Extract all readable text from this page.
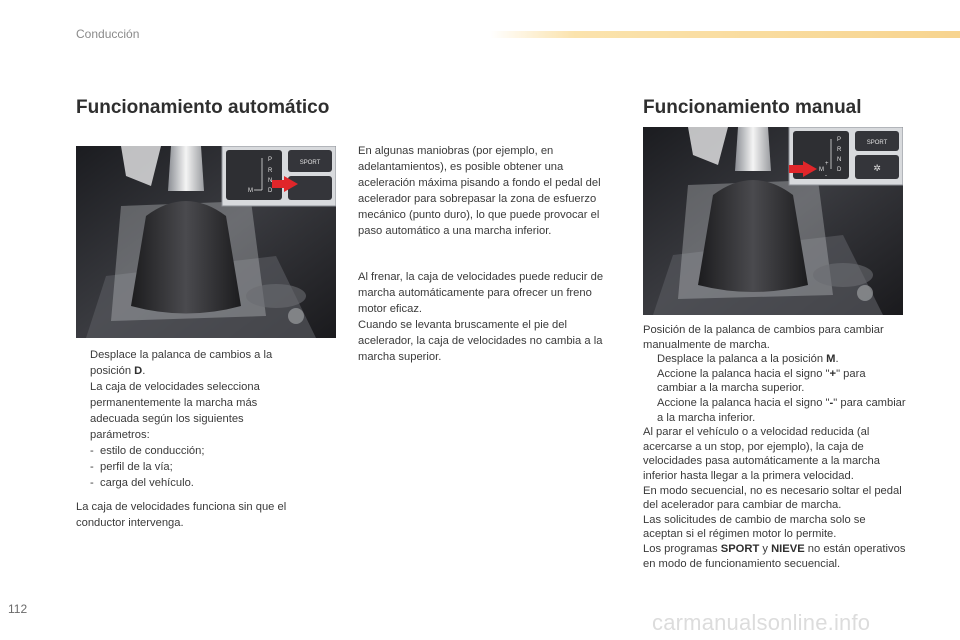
Conducción
Funcionamiento automático	Funcionamiento manual
SPORT
P
R
N
M	D
SPORT
✲
P
R
N
M D
+
-

Desplace la palanca de cambios a la posición D.

La caja de velocidades selecciona permanentemente la marcha más adecuada según los siguientes parámetros:

- estilo de conducción;

- perfil de la vía;

- carga del vehículo.

La caja de velocidades funciona sin que el conductor intervenga.
En algunas maniobras (por ejemplo, en adelantamientos), es posible obtener una aceleración máxima pisando a fondo el pedal del acelerador para sobrepasar la zona de esfuerzo mecánico (punto duro), lo que puede provocar el paso automático a una marcha inferior.

Al frenar, la caja de velocidades puede reducir de marcha automáticamente para ofrecer un freno motor eficaz.

Cuando se levanta bruscamente el pie del acelerador, la caja de velocidades no cambia a la marcha superior.

Posición de la palanca de cambios para cambiar manualmente de marcha.

Desplace la palanca a la posición M.

Accione la palanca hacia el signo "+" para cambiar a la marcha superior.

Accione la palanca hacia el signo "-" para cambiar a la marcha inferior.

Al parar el vehículo o a velocidad reducida (al acercarse a un stop, por ejemplo), la caja de velocidades pasa automáticamente a la marcha inferior hasta llegar a la primera velocidad.

En modo secuencial, no es necesario soltar el pedal del acelerador para cambiar de marcha.

Las solicitudes de cambio de marcha solo se aceptan si el régimen motor lo permite.

Los programas SPORT y NIEVE no están operativos en modo de funcionamiento secuencial.

112
carmanualsonline.info
